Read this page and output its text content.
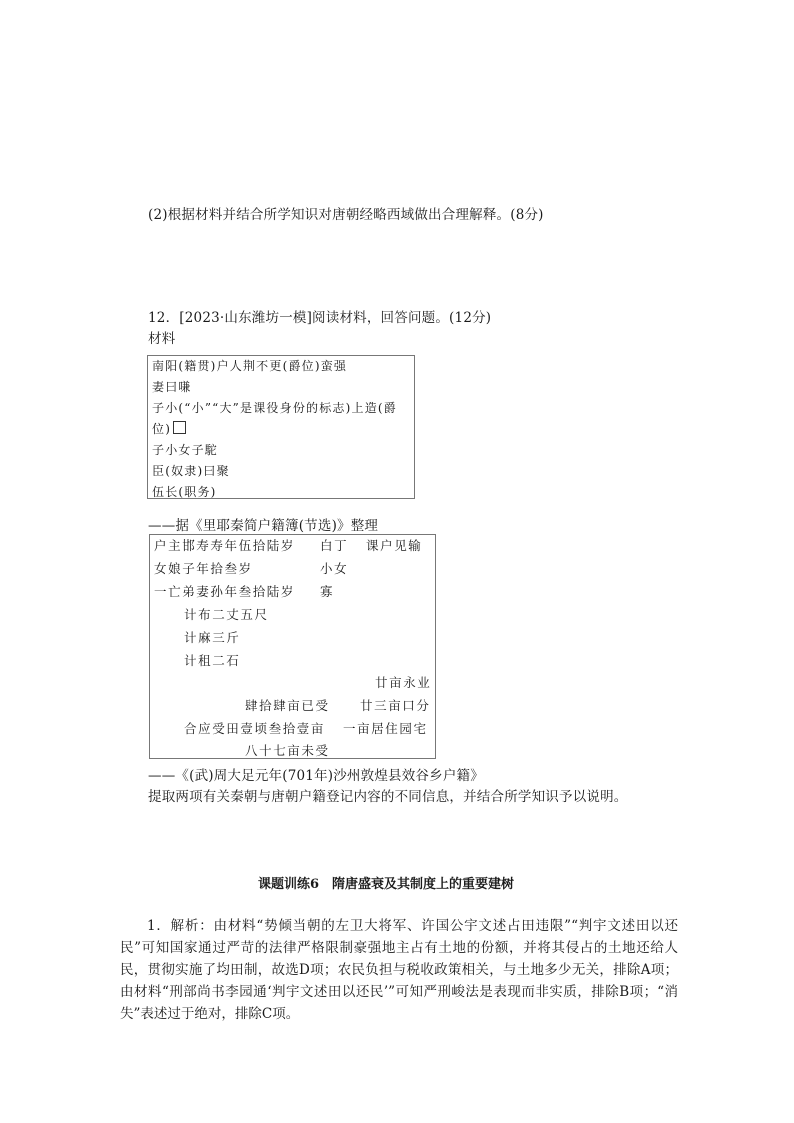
(2)根据材料并结合所学知识对唐朝经略西域做出合理解释。(8分)
12．[2023·山东潍坊一模]阅读材料，回答问题。(12分)
材料
南阳(籍贯)户人荆不更(爵位)蛮强
妻曰嗛
子小(“小”“大”是课役身份的标志)上造(爵
位)
子小女子駝
臣(奴隶)曰聚
伍长(职务)
——据《里耶秦简户籍簿(节选)》整理
户主邯寿寿年伍拾陆岁 白丁 课户见输
女娘子年拾叁岁	小女
一亡弟妻孙年叁拾陆岁 寡
计布二丈五尺
计麻三斤
计租二石
廿亩永业
肆拾肆亩已受 廿三亩口分
合应受田壹顷叁拾壹亩 一亩居住园宅
八十七亩未受
——《(武)周大足元年(701年)沙州敦煌县效谷乡户籍》
提取两项有关秦朝与唐朝户籍登记内容的不同信息，并结合所学知识予以说明。
课题训练6　隋唐盛衰及其制度上的重要建树
1．解析：由材料“势倾当朝的左卫大将军、许国公宇文述占田违限”“判宇文述田以还民”可知国家通过严苛的法律严格限制豪强地主占有土地的份额，并将其侵占的土地还给人民，贯彻实施了均田制，故选D项；农民负担与税收政策相关，与土地多少无关，排除A项；由材料“刑部尚书李园通‘判宇文述田以还民’”可知严刑峻法是表现而非实质，排除B项；“消失”表述过于绝对，排除C项。
